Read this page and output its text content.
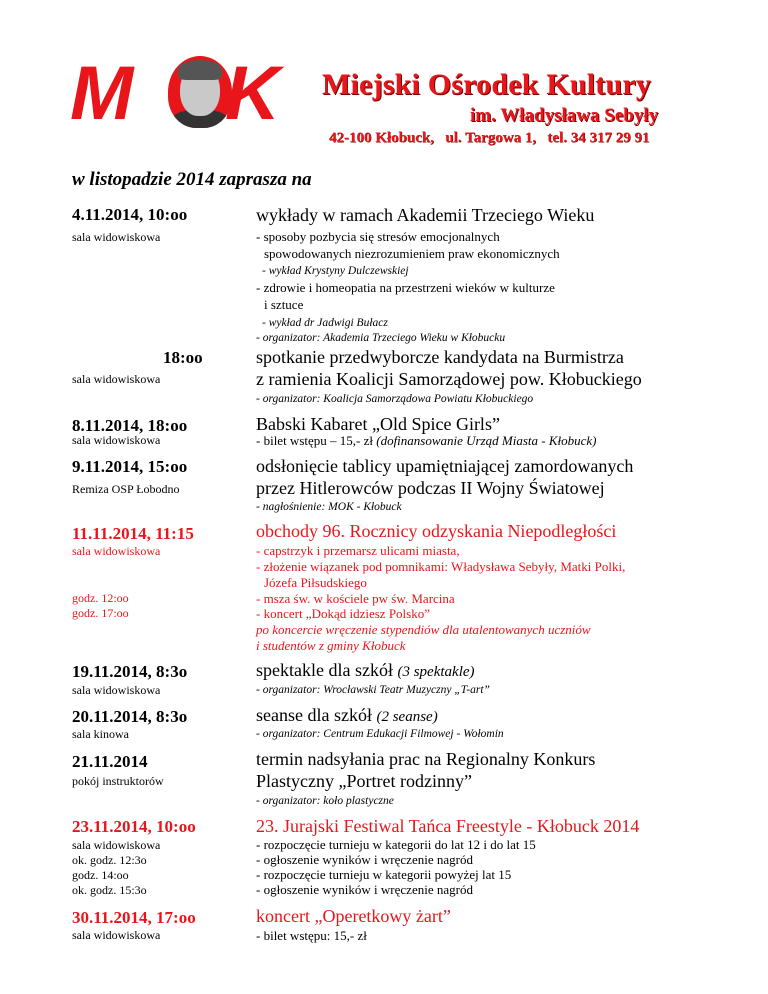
M K Miejski Ośrodek Kultury
im. Władysława Sebyły
42-100 Kłobuck,   ul. Targowa 1,   tel. 34 317 29 91
w listopadzie 2014 zaprasza na
4.11.2014, 10:oo
sala widowiskowa
wykłady w ramach Akademii Trzeciego Wieku
- sposoby pozbycia się stresów emocjonalnych
spowodowanych niezrozumieniem praw ekonomicznych
- wykład Krystyny Dulczewskiej
- zdrowie i homeopatia na przestrzeni wieków w kulturze
i sztuce
- wykład dr Jadwigi Bułacz
- organizator: Akademia Trzeciego Wieku w Kłobucku
18:oo
sala widowiskowa
spotkanie przedwyborcze kandydata na Burmistrza
z ramienia Koalicji Samorządowej pow. Kłobuckiego
- organizator: Koalicja Samorządowa Powiatu Kłobuckiego
8.11.2014, 18:oo
sala widowiskowa
Babski Kabaret „Old Spice Girls”
- bilet wstępu – 15,- zł (dofinansowanie Urząd Miasta - Kłobuck)
9.11.2014, 15:oo
Remiza OSP Łobodno
odsłonięcie tablicy upamiętniającej zamordowanych
przez Hitlerowców podczas II Wojny Światowej
- nagłośnienie: MOK - Kłobuck
11.11.2014, 11:15
sala widowiskowa
godz. 12:oo
godz. 17:oo
obchody 96. Rocznicy odzyskania Niepodległości
- capstrzyk i przemarsz ulicami miasta,
- złożenie wiązanek pod pomnikami: Władysława Sebyły, Matki Polki,
Józefa Piłsudskiego
- msza św. w kościele pw św. Marcina
- koncert „Dokąd idziesz Polsko”
po koncercie wręczenie stypendiów dla utalentowanych uczniów
i studentów z gminy Kłobuck
19.11.2014, 8:3o
sala widowiskowa
spektakle dla szkół (3 spektakle)
- organizator: Wrocławski Teatr Muzyczny „T-art”
20.11.2014, 8:3o
sala kinowa
seanse dla szkół (2 seanse)
- organizator: Centrum Edukacji Filmowej - Wołomin
21.11.2014
pokój instruktorów
termin nadsyłania prac na Regionalny Konkurs
Plastyczny „Portret rodzinny”
- organizator: koło plastyczne
23.11.2014, 10:oo
sala widowiskowa
ok. godz. 12:3o
godz. 14:oo
ok. godz. 15:3o
23. Jurajski Festiwal Tańca Freestyle - Kłobuck 2014
- rozpoczęcie turnieju w kategorii do lat 12 i do lat 15
- ogłoszenie wyników i wręczenie nagród
- rozpoczęcie turnieju w kategorii powyżej lat 15
- ogłoszenie wyników i wręczenie nagród
30.11.2014, 17:oo
sala widowiskowa
koncert „Operetkowy żart”
- bilet wstępu: 15,- zł
